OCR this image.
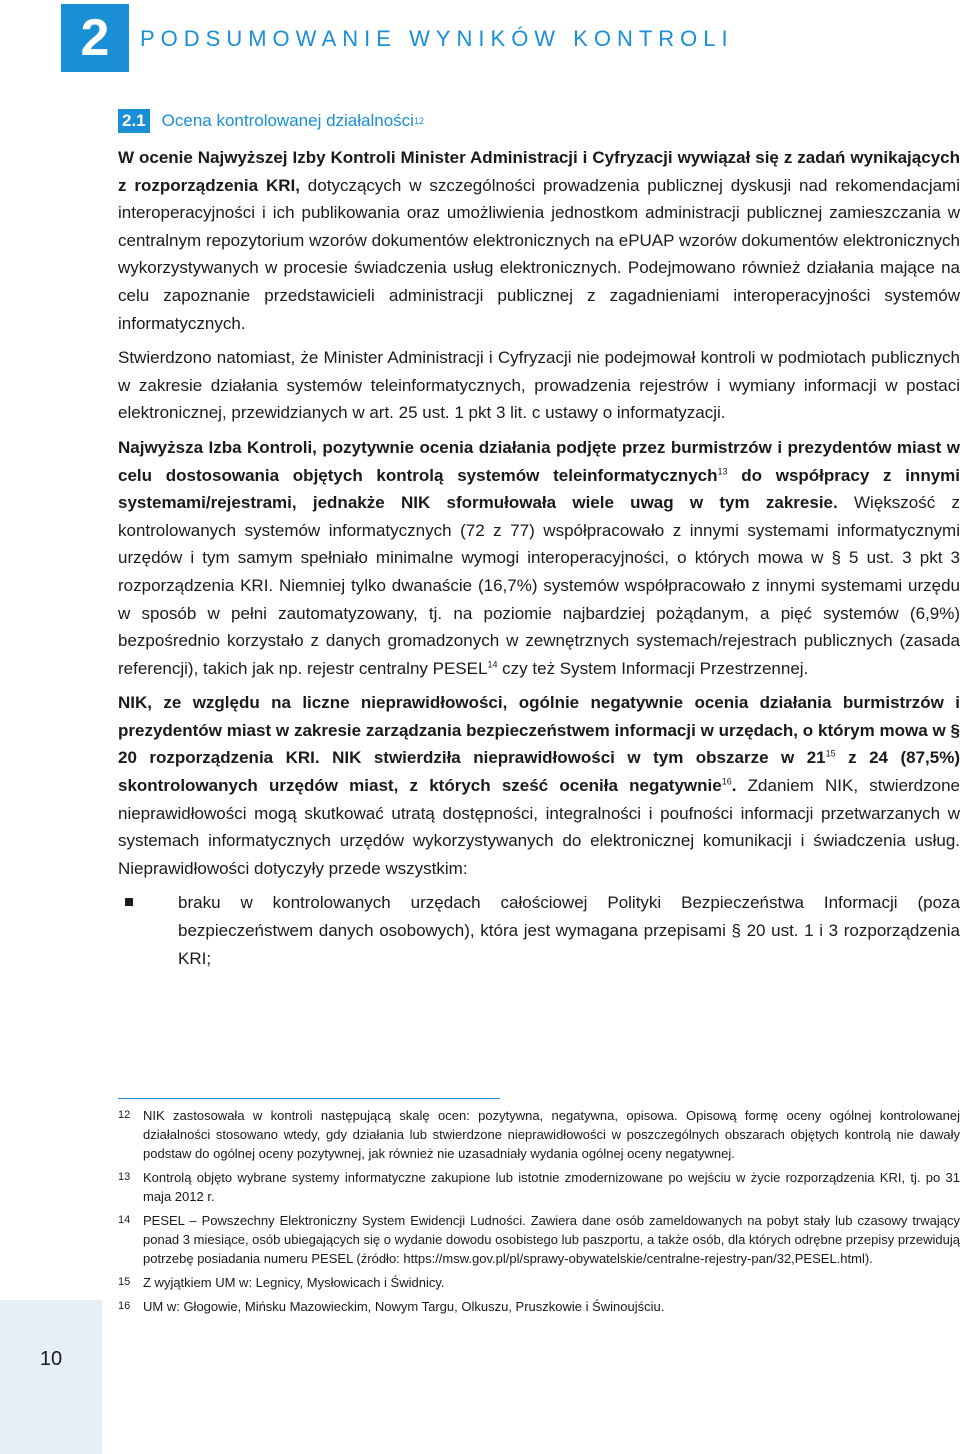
2 PODSUMOWANIE WYNIKÓW KONTROLI
2.1 Ocena kontrolowanej działalności 12

W ocenie Najwyższej Izby Kontroli Minister Administracji i Cyfryzacji wywiązał się z zadań wynikających z rozporządzenia KRI, dotyczących w szczególności prowadzenia publicznej dyskusji nad rekomendacjami interoperacyjności i ich publikowania oraz umożliwienia jednostkom administracji publicznej zamieszczania w centralnym repozytorium wzorów dokumentów elektronicznych na ePUAP wzorów dokumentów elektronicznych wykorzystywanych w procesie świadczenia usług elektronicznych. Podejmowano również działania mające na celu zapoznanie przedstawicieli administracji publicznej z zagadnieniami interoperacyjności systemów informatycznych.

Stwierdzono natomiast, że Minister Administracji i Cyfryzacji nie podejmował kontroli w podmiotach publicznych w zakresie działania systemów teleinformatycznych, prowadzenia rejestrów i wymiany informacji w postaci elektronicznej, przewidzianych w art. 25 ust. 1 pkt 3 lit. c ustawy o informatyzacji.

Najwyższa Izba Kontroli, pozytywnie ocenia działania podjęte przez burmistrzów i prezydentów miast w celu dostosowania objętych kontrolą systemów teleinformatycznych$^{13}$ do współpracy z innymi systemami/rejestrami, jednakże NIK sformułowała wiele uwag w tym zakresie. Większość z kontrolowanych systemów informatycznych (72 z 77) współpracowało z innymi systemami informatycznymi urzędów i tym samym spełniało minimalne wymogi interoperacyjności, o których mowa w § 5 ust. 3 pkt 3 rozporządzenia KRI. Niemniej tylko dwanaście (16,7%) systemów współpracowało z innymi systemami urzędu w sposób w pełni zautomatyzowany, tj. na poziomie najbardziej pożądanym, a pięć systemów (6,9%) bezpośrednio korzystało z danych gromadzonych w zewnętrznych systemach/rejestrach publicznych (zasada referencji), takich jak np. rejestr centralny PESEL$^{14}$ czy też System Informacji Przestrzennej.

NIK, ze względu na liczne nieprawidłowości, ogólnie negatywnie ocenia działania burmistrzów i prezydentów miast w zakresie zarządzania bezpieczeństwem informacji w urzędach, o którym mowa w § 20 rozporządzenia KRI. NIK stwierdziła nieprawidłowości w tym obszarze w $21^{15}$ z 24 (87,5%) skontrolowanych urzędów miast, z których sześć oceniła negatywnie$^{16}$. Zdaniem NIK, stwierdzone nieprawidłowości mogą skutkować utratą dostępności, integralności i poufności informacji przetwarzanych w systemach informatycznych urzędów wykorzystywanych do elektronicznej komunikacji i świadczenia usług. Nieprawidłowości dotyczyły przede wszystkim:

braku w kontrolowanych urzędach całościowej Polityki Bezpieczeństwa Informacji (poza bezpieczeństwem danych osobowych), która jest wymagana przepisami § 20 ust. 1 i 3 rozporządzenia KRI;
12 NIK zastosowała w kontroli następującą skalę ocen: pozytywna, negatywna, opisowa. Opisową formę oceny ogólnej kontrolowanej działalności stosowano wtedy, gdy działania lub stwierdzone nieprawidłowości w poszczególnych obszarach objętych kontrolą nie dawały podstaw do ogólnej oceny pozytywnej, jak również nie uzasadniały wydania ogólnej oceny negatywnej.
13 Kontrolą objęto wybrane systemy informatyczne zakupione lub istotnie zmodernizowane po wejściu w życie rozporządzenia KRI, tj. po 31 maja 2012 r.
14 PESEL – Powszechny Elektroniczny System Ewidencji Ludności. Zawiera dane osób zameldowanych na pobyt stały lub czasowy trwający ponad 3 miesiące, osób ubiegających się o wydanie dowodu osobistego lub paszportu, a także osób, dla których odrębne przepisy przewidują potrzebę posiadania numeru PESEL (źródło: https://msw.gov.pl/pl/sprawy-obywatelskie/centralne-rejestry-pan/32,PESEL.html).
15 Z wyjątkiem UM w: Legnicy, Mysłowicach i Świdnicy.
16 UM w: Głogowie, Mińsku Mazowieckim, Nowym Targu, Olkuszu, Pruszkowie i Świnoujściu.
10
